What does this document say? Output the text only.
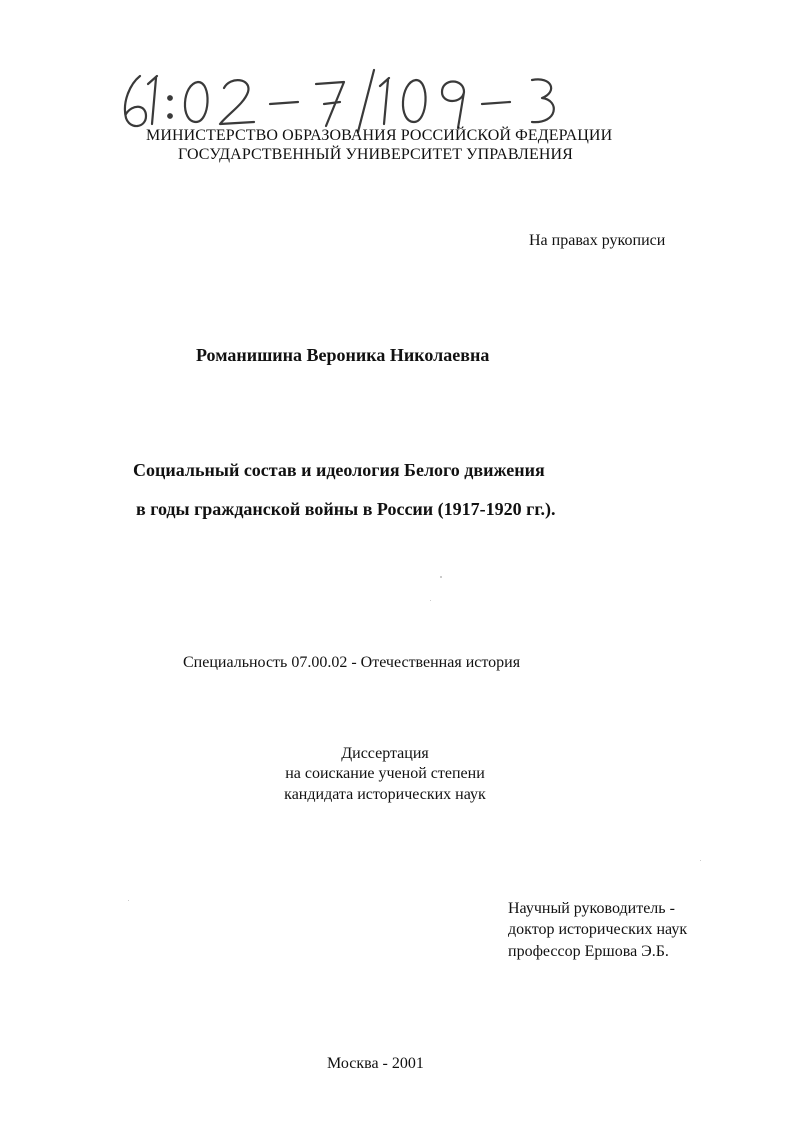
МИНИСТЕРСТВО ОБРАЗОВАНИЯ РОССИЙСКОЙ ФЕДЕРАЦИИ
ГОСУДАРСТВЕННЫЙ УНИВЕРСИТЕТ УПРАВЛЕНИЯ
На правах рукописи
Романишина Вероника Николаевна
Социальный состав и идеология Белого движения
в годы гражданской войны в России (1917-1920 гг.).
Специальность 07.00.02 - Отечественная история
Диссертация
на соискание ученой степени
кандидата исторических наук
Научный руководитель -
доктор исторических наук
профессор Ершова Э.Б.
Москва - 2001
